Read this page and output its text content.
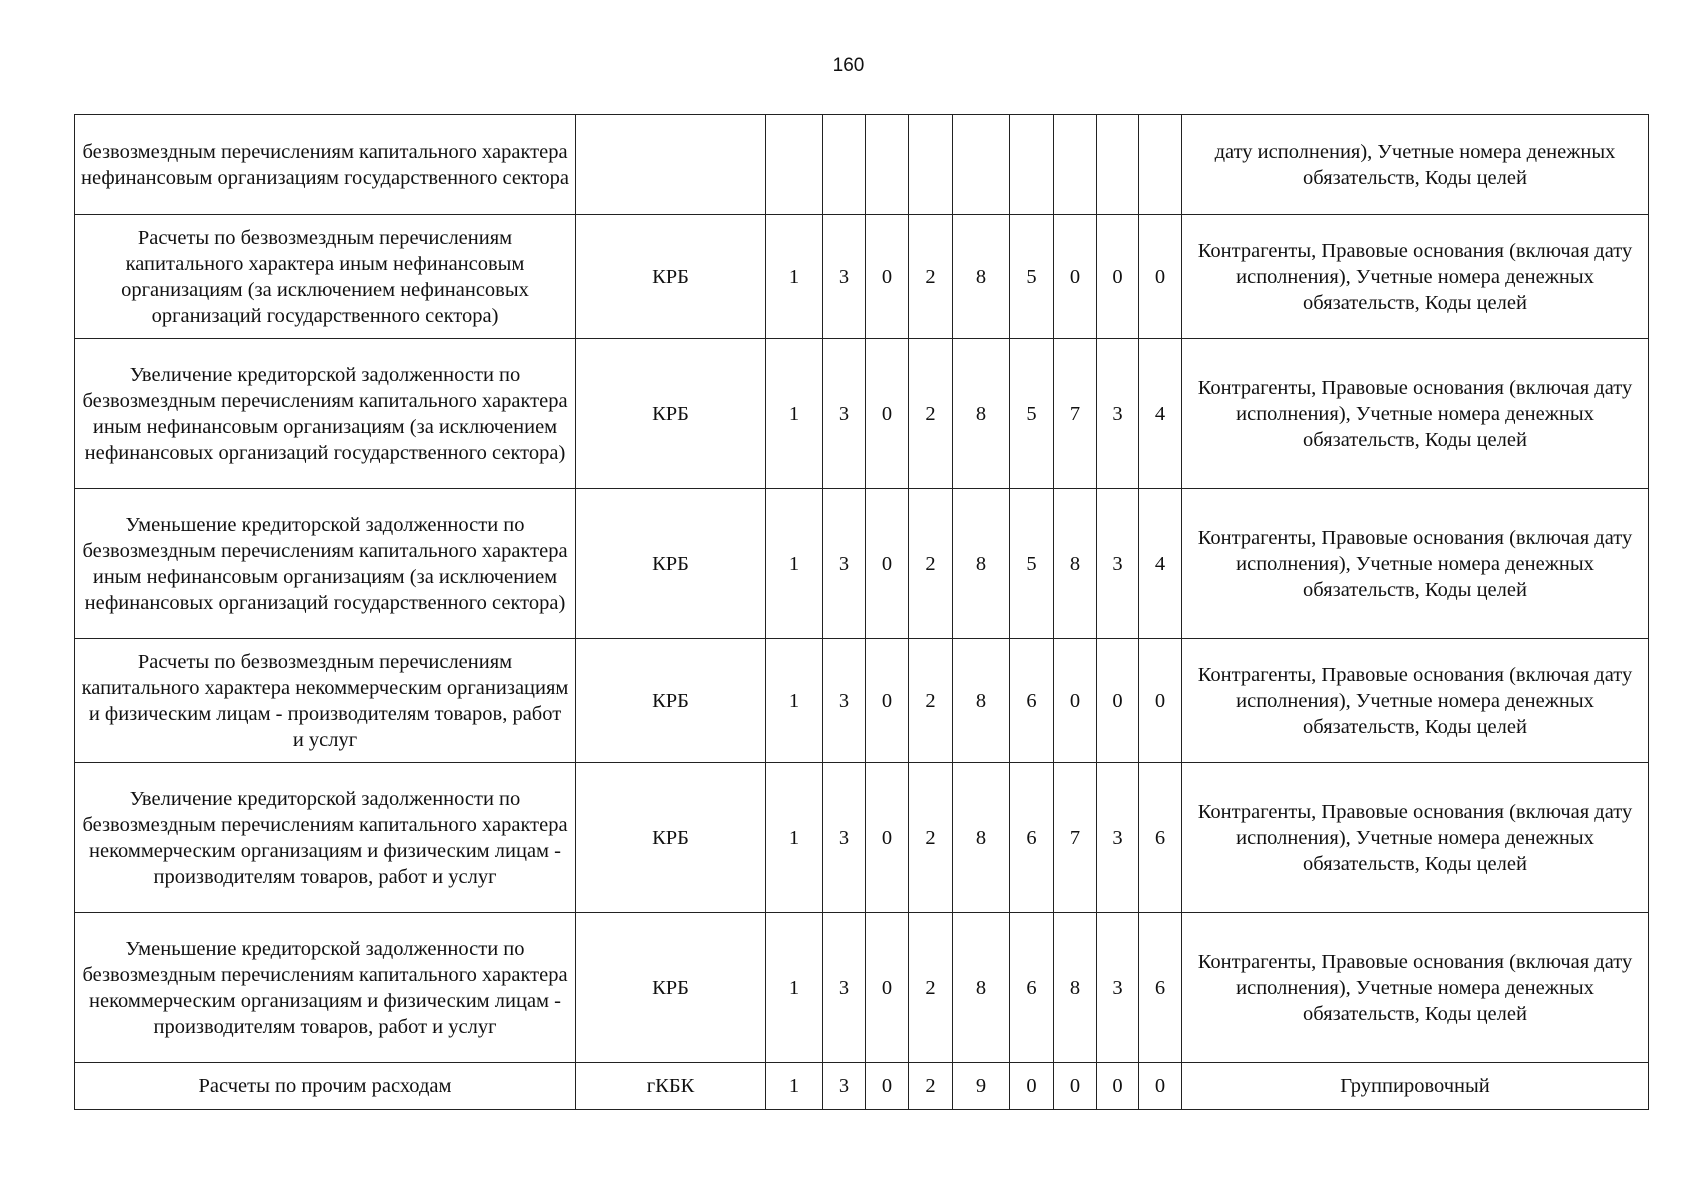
160
безвозмездным перечислениям капитального характера нефинансовым организациям государственного сектора											дату исполнения), Учетные номера денежных обязательств, Коды целей
Расчеты по безвозмездным перечислениям капитального характера иным нефинансовым организациям (за исключением нефинансовых организаций государственного сектора)	КРБ	1	3	0	2	8	5	0	0	0	Контрагенты, Правовые основания (включая дату исполнения), Учетные номера денежных обязательств, Коды целей
Увеличение кредиторской задолженности по безвозмездным перечислениям капитального характера иным нефинансовым организациям (за исключением нефинансовых организаций государственного сектора)	КРБ	1	3	0	2	8	5	7	3	4	Контрагенты, Правовые основания (включая дату исполнения), Учетные номера денежных обязательств, Коды целей
Уменьшение кредиторской задолженности по безвозмездным перечислениям капитального характера иным нефинансовым организациям (за исключением нефинансовых организаций государственного сектора)	КРБ	1	3	0	2	8	5	8	3	4	Контрагенты, Правовые основания (включая дату исполнения), Учетные номера денежных обязательств, Коды целей
Расчеты по безвозмездным перечислениям капитального характера некоммерческим организациям и физическим лицам - производителям товаров, работ и услуг	КРБ	1	3	0	2	8	6	0	0	0	Контрагенты, Правовые основания (включая дату исполнения), Учетные номера денежных обязательств, Коды целей
Увеличение кредиторской задолженности по безвозмездным перечислениям капитального характера некоммерческим организациям и физическим лицам - производителям товаров, работ и услуг	КРБ	1	3	0	2	8	6	7	3	6	Контрагенты, Правовые основания (включая дату исполнения), Учетные номера денежных обязательств, Коды целей
Уменьшение кредиторской задолженности по безвозмездным перечислениям капитального характера некоммерческим организациям и физическим лицам - производителям товаров, работ и услуг	КРБ	1	3	0	2	8	6	8	3	6	Контрагенты, Правовые основания (включая дату исполнения), Учетные номера денежных обязательств, Коды целей
Расчеты по прочим расходам	гКБК	1	3	0	2	9	0	0	0	0	Группировочный
